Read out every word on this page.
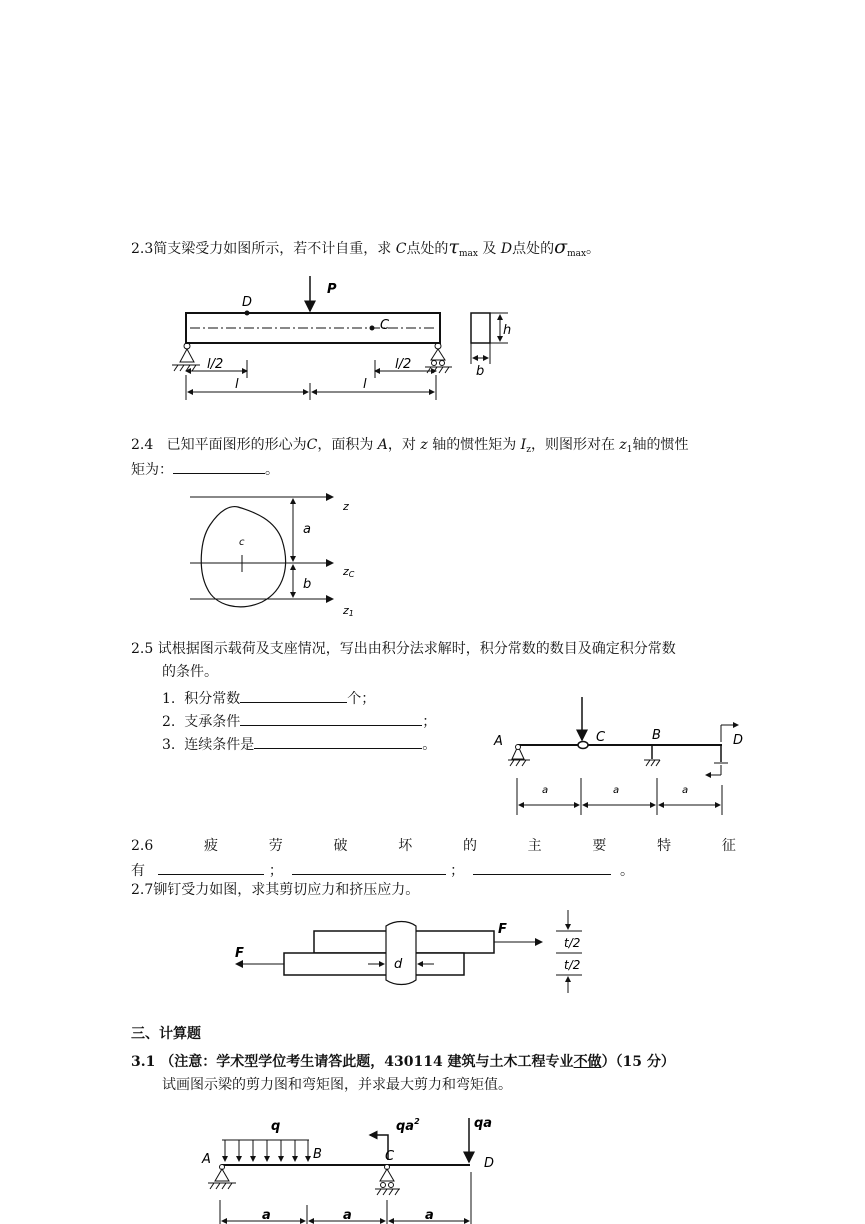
2.3简支梁受力如图所示，若不计自重，求 C点处的$\tau_{max}$ 及 D点处的$\sigma_{max}$。
P
D
C
l/2	l/2
l	l
h
b
c
a
b
z
zC
z1
A	C	B	D
a	a	a
d
F
F
t/2
t/2
q	$qa^2$	qa
A	B	C	D
a	a	a
2.4 已知平面图形的形心为C，面积为 A，对 z 轴的惯性矩为 $I_z$，则图形对在 $z_1$轴的惯性
矩为：	。
2.5 试根据图示载荷及支座情况，写出由积分法求解时，积分常数的数目及确定积分常数
的条件。
1. 积分常数	个；
2. 支承条件	；
3. 连续条件是	。
2.6	疲	劳	破	坏	的	主	要	特	征
有	；	；	。
2.7铆钉受力如图，求其剪切应力和挤压应力。
三、计算题
3.1 （注意：学术型学位考生请答此题，430114 建筑与土木工程专业不做）（15 分）
试画图示梁的剪力图和弯矩图，并求最大剪力和弯矩值。
